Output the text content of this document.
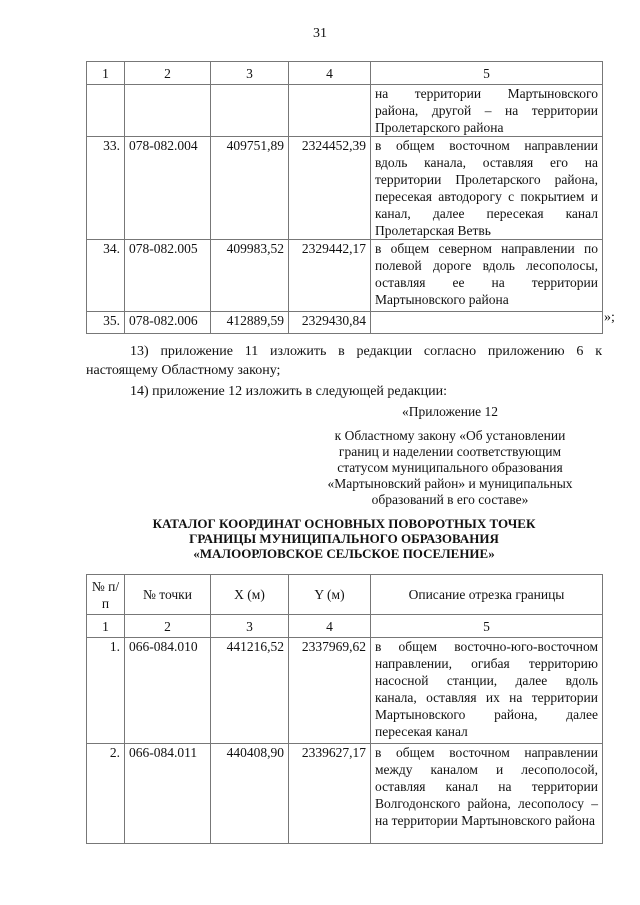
31
1	2	3	4	5
				на территории Мартыновского района, другой – на территории Пролетарского района
33.	078-082.004	409751,89	2324452,39	в общем восточном направлении вдоль канала, оставляя его на территории Пролетарского района, пересекая автодорогу с покрытием и канал, далее пересекая канал Пролетарская Ветвь
34.	078-082.005	409983,52	2329442,17	в общем северном направлении по полевой дороге вдоль лесополосы, оставляя ее на территории Мартыновского района
35.	078-082.006	412889,59	2329430,84		»;
13) приложение 11 изложить в редакции согласно приложению 6 к настоящему Областному закону;
14) приложение 12 изложить в следующей редакции:
«Приложение 12
к Областному закону «Об установлении
границ и наделении соответствующим
статусом муниципального образования
«Мартыновский район» и муниципальных
образований в его составе»
КАТАЛОГ КООРДИНАТ ОСНОВНЫХ ПОВОРОТНЫХ ТОЧЕК
ГРАНИЦЫ МУНИЦИПАЛЬНОГО ОБРАЗОВАНИЯ
«МАЛООРЛОВСКОЕ СЕЛЬСКОЕ ПОСЕЛЕНИЕ»
№ п/п	№ точки	X (м)	Y (м)	Описание отрезка границы
1	2	3	4	5
1.	066-084.010	441216,52	2337969,62	в общем восточно-юго-восточном направлении, огибая территорию насосной станции, далее вдоль канала, оставляя их на территории Мартыновского района, далее пересекая канал
2.	066-084.011	440408,90	2339627,17	в общем восточном направлении между каналом и лесополосой, оставляя канал на территории Волгодонского района, лесополосу – на территории Мартыновского района
